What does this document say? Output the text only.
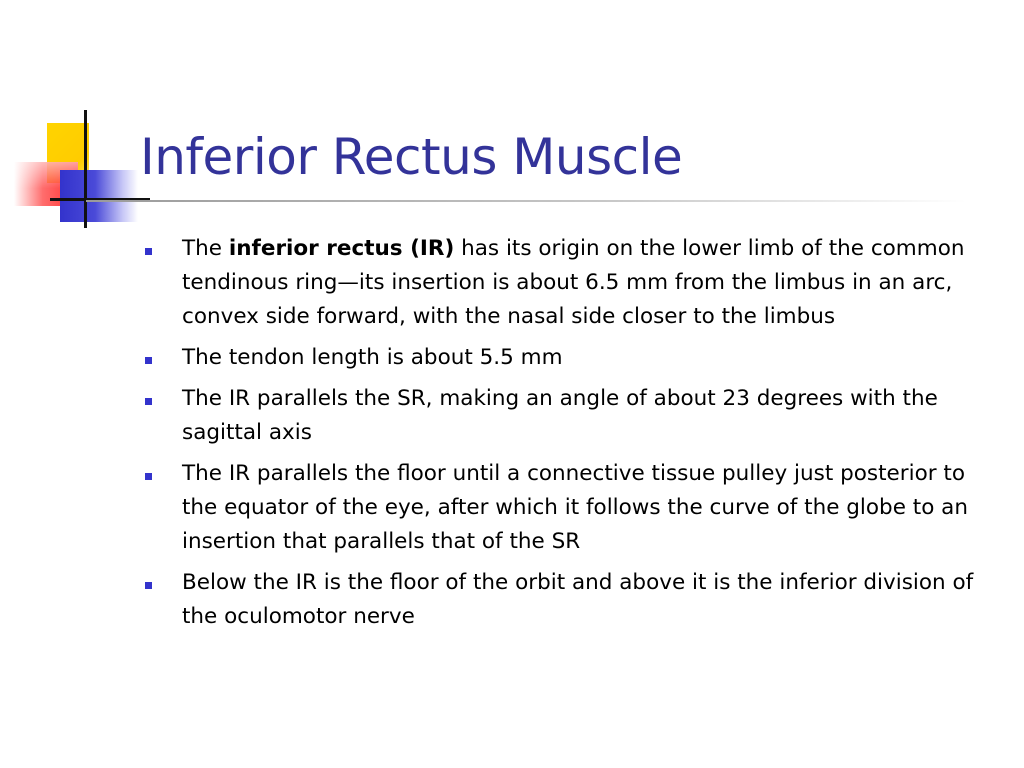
Inferior Rectus Muscle
The inferior rectus (IR) has its origin on the lower limb of the common tendinous ring—its insertion is about 6.5 mm from the limbus in an arc, convex side forward, with the nasal side closer to the limbus
The tendon length is about 5.5 mm
The IR parallels the SR, making an angle of about 23 degrees with the sagittal axis
The IR parallels the floor until a connective tissue pulley just posterior to the equator of the eye, after which it follows the curve of the globe to an insertion that parallels that of the SR
Below the IR is the floor of the orbit and above it is the inferior division of the oculomotor nerve
